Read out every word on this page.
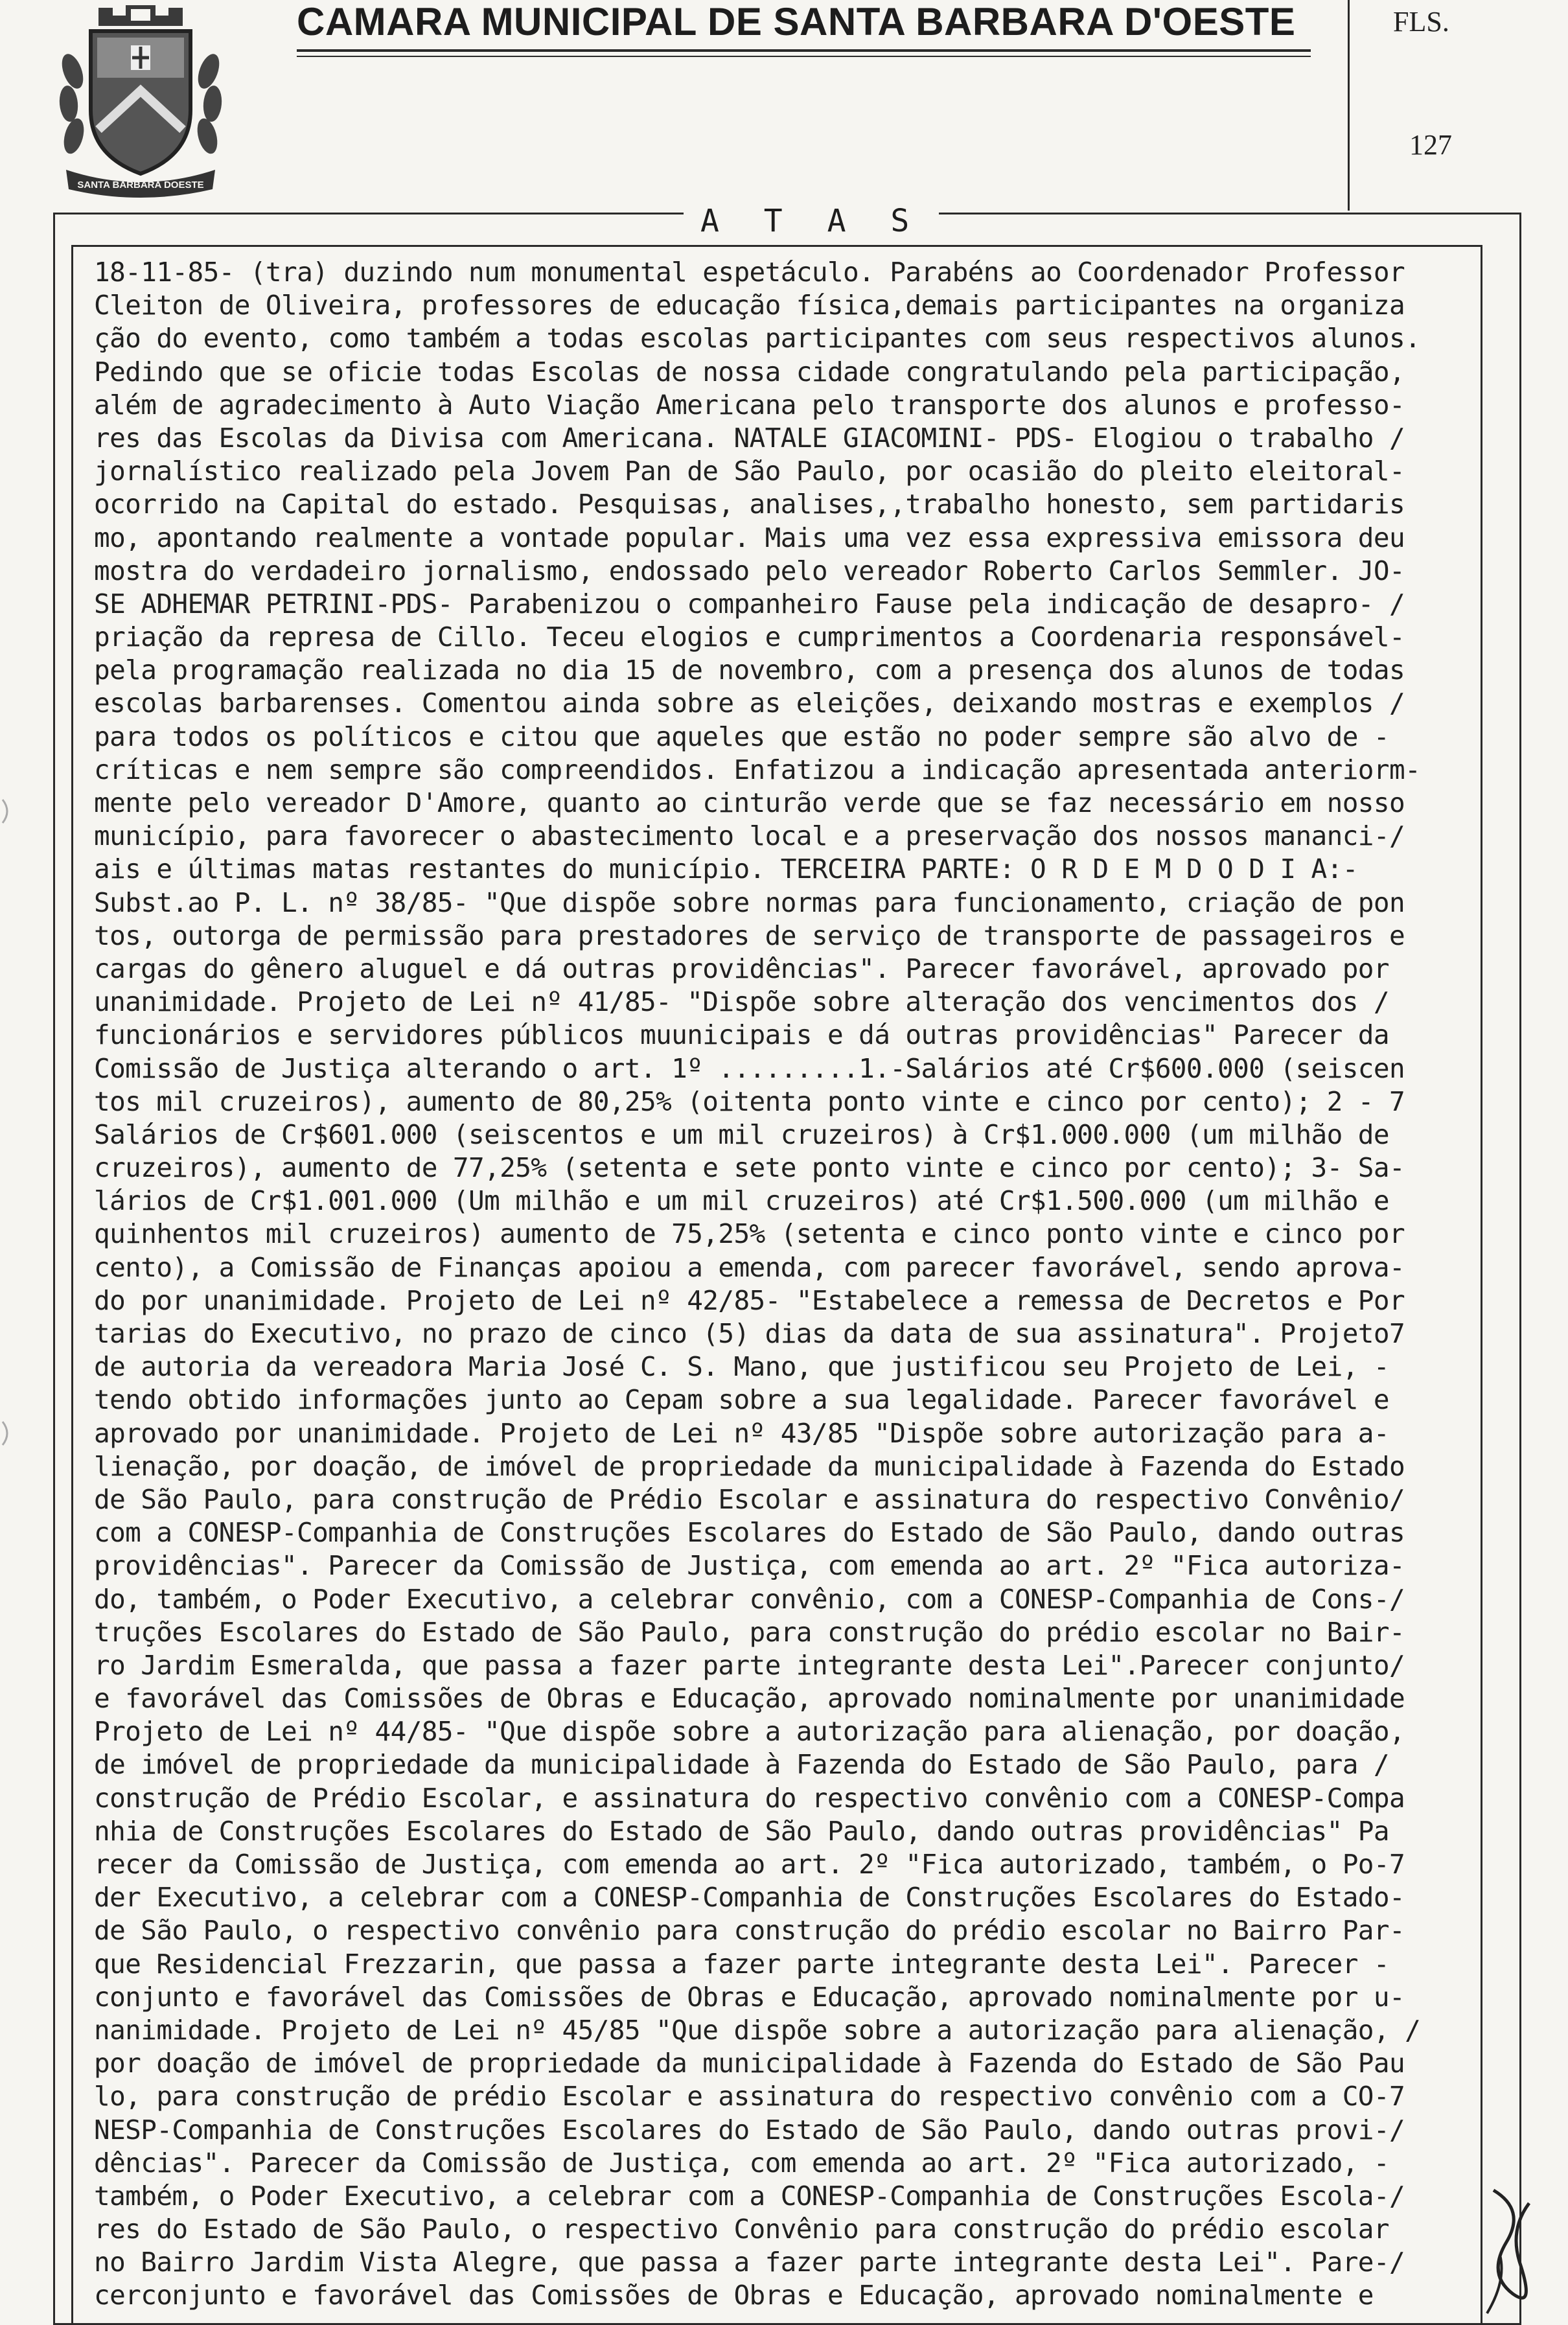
SANTA BARBARA DOESTE
CAMARA MUNICIPAL DE SANTA BARBARA D'OESTE	FLS.
127
A T A S
18-11-85- (tra) duzindo num monumental espetáculo. Parabéns ao Coordenador Professor
Cleiton de Oliveira, professores de educação física,demais participantes na organiza
ção do evento, como também a todas escolas participantes com seus respectivos alunos.
Pedindo que se oficie todas Escolas de nossa cidade congratulando pela participação,
além de agradecimento à Auto Viação Americana pelo transporte dos alunos e professo-
res das Escolas da Divisa com Americana. NATALE GIACOMINI- PDS- Elogiou o trabalho /
jornalístico realizado pela Jovem Pan de São Paulo, por ocasião do pleito eleitoral-
ocorrido na Capital do estado. Pesquisas, analises,,trabalho honesto, sem partidaris
mo, apontando realmente a vontade popular. Mais uma vez essa expressiva emissora deu
mostra do verdadeiro jornalismo, endossado pelo vereador Roberto Carlos Semmler. JO-
SE ADHEMAR PETRINI-PDS- Parabenizou o companheiro Fause pela indicação de desapro- /
priação da represa de Cillo. Teceu elogios e cumprimentos a Coordenaria responsável-
pela programação realizada no dia 15 de novembro, com a presença dos alunos de todas
escolas barbarenses. Comentou ainda sobre as eleições, deixando mostras e exemplos /
para todos os políticos e citou que aqueles que estão no poder sempre são alvo de -
críticas e nem sempre são compreendidos. Enfatizou a indicação apresentada anteriorm-
mente pelo vereador D'Amore, quanto ao cinturão verde que se faz necessário em nosso
município, para favorecer o abastecimento local e a preservação dos nossos mananci-/
ais e últimas matas restantes do município. TERCEIRA PARTE: O R D E M D O D I A:-
Subst.ao P. L. nº 38/85- "Que dispõe sobre normas para funcionamento, criação de pon
tos, outorga de permissão para prestadores de serviço de transporte de passageiros e
cargas do gênero aluguel e dá outras providências". Parecer favorável, aprovado por
unanimidade. Projeto de Lei nº 41/85- "Dispõe sobre alteração dos vencimentos dos /
funcionários e servidores públicos muunicipais e dá outras providências" Parecer da
Comissão de Justiça alterando o art. 1º .........1.-Salários até Cr$600.000 (seiscen
tos mil cruzeiros), aumento de 80,25% (oitenta ponto vinte e cinco por cento); 2 - 7
Salários de Cr$601.000 (seiscentos e um mil cruzeiros) à Cr$1.000.000 (um milhão de
cruzeiros), aumento de 77,25% (setenta e sete ponto vinte e cinco por cento); 3- Sa-
lários de Cr$1.001.000 (Um milhão e um mil cruzeiros) até Cr$1.500.000 (um milhão e
quinhentos mil cruzeiros) aumento de 75,25% (setenta e cinco ponto vinte e cinco por
cento), a Comissão de Finanças apoiou a emenda, com parecer favorável, sendo aprova-
do por unanimidade. Projeto de Lei nº 42/85- "Estabelece a remessa de Decretos e Por
tarias do Executivo, no prazo de cinco (5) dias da data de sua assinatura". Projeto7
de autoria da vereadora Maria José C. S. Mano, que justificou seu Projeto de Lei, -
tendo obtido informações junto ao Cepam sobre a sua legalidade. Parecer favorável e
aprovado por unanimidade. Projeto de Lei nº 43/85 "Dispõe sobre autorização para a-
lienação, por doação, de imóvel de propriedade da municipalidade à Fazenda do Estado
de São Paulo, para construção de Prédio Escolar e assinatura do respectivo Convênio/
com a CONESP-Companhia de Construções Escolares do Estado de São Paulo, dando outras
providências". Parecer da Comissão de Justiça, com emenda ao art. 2º "Fica autoriza-
do, também, o Poder Executivo, a celebrar convênio, com a CONESP-Companhia de Cons-/
truções Escolares do Estado de São Paulo, para construção do prédio escolar no Bair-
ro Jardim Esmeralda, que passa a fazer parte integrante desta Lei".Parecer conjunto/
e favorável das Comissões de Obras e Educação, aprovado nominalmente por unanimidade
Projeto de Lei nº 44/85- "Que dispõe sobre a autorização para alienação, por doação,
de imóvel de propriedade da municipalidade à Fazenda do Estado de São Paulo, para /
construção de Prédio Escolar, e assinatura do respectivo convênio com a CONESP-Compa
nhia de Construções Escolares do Estado de São Paulo, dando outras providências" Pa
recer da Comissão de Justiça, com emenda ao art. 2º "Fica autorizado, também, o Po-7
der Executivo, a celebrar com a CONESP-Companhia de Construções Escolares do Estado-
de São Paulo, o respectivo convênio para construção do prédio escolar no Bairro Par-
que Residencial Frezzarin, que passa a fazer parte integrante desta Lei". Parecer -
conjunto e favorável das Comissões de Obras e Educação, aprovado nominalmente por u-
nanimidade. Projeto de Lei nº 45/85 "Que dispõe sobre a autorização para alienação, /
por doação de imóvel de propriedade da municipalidade à Fazenda do Estado de São Pau
lo, para construção de prédio Escolar e assinatura do respectivo convênio com a CO-7
NESP-Companhia de Construções Escolares do Estado de São Paulo, dando outras provi-/
dências". Parecer da Comissão de Justiça, com emenda ao art. 2º "Fica autorizado, -
também, o Poder Executivo, a celebrar com a CONESP-Companhia de Construções Escola-/
res do Estado de São Paulo, o respectivo Convênio para construção do prédio escolar
no Bairro Jardim Vista Alegre, que passa a fazer parte integrante desta Lei". Pare-/
cerconjunto e favorável das Comissões de Obras e Educação, aprovado nominalmente e
